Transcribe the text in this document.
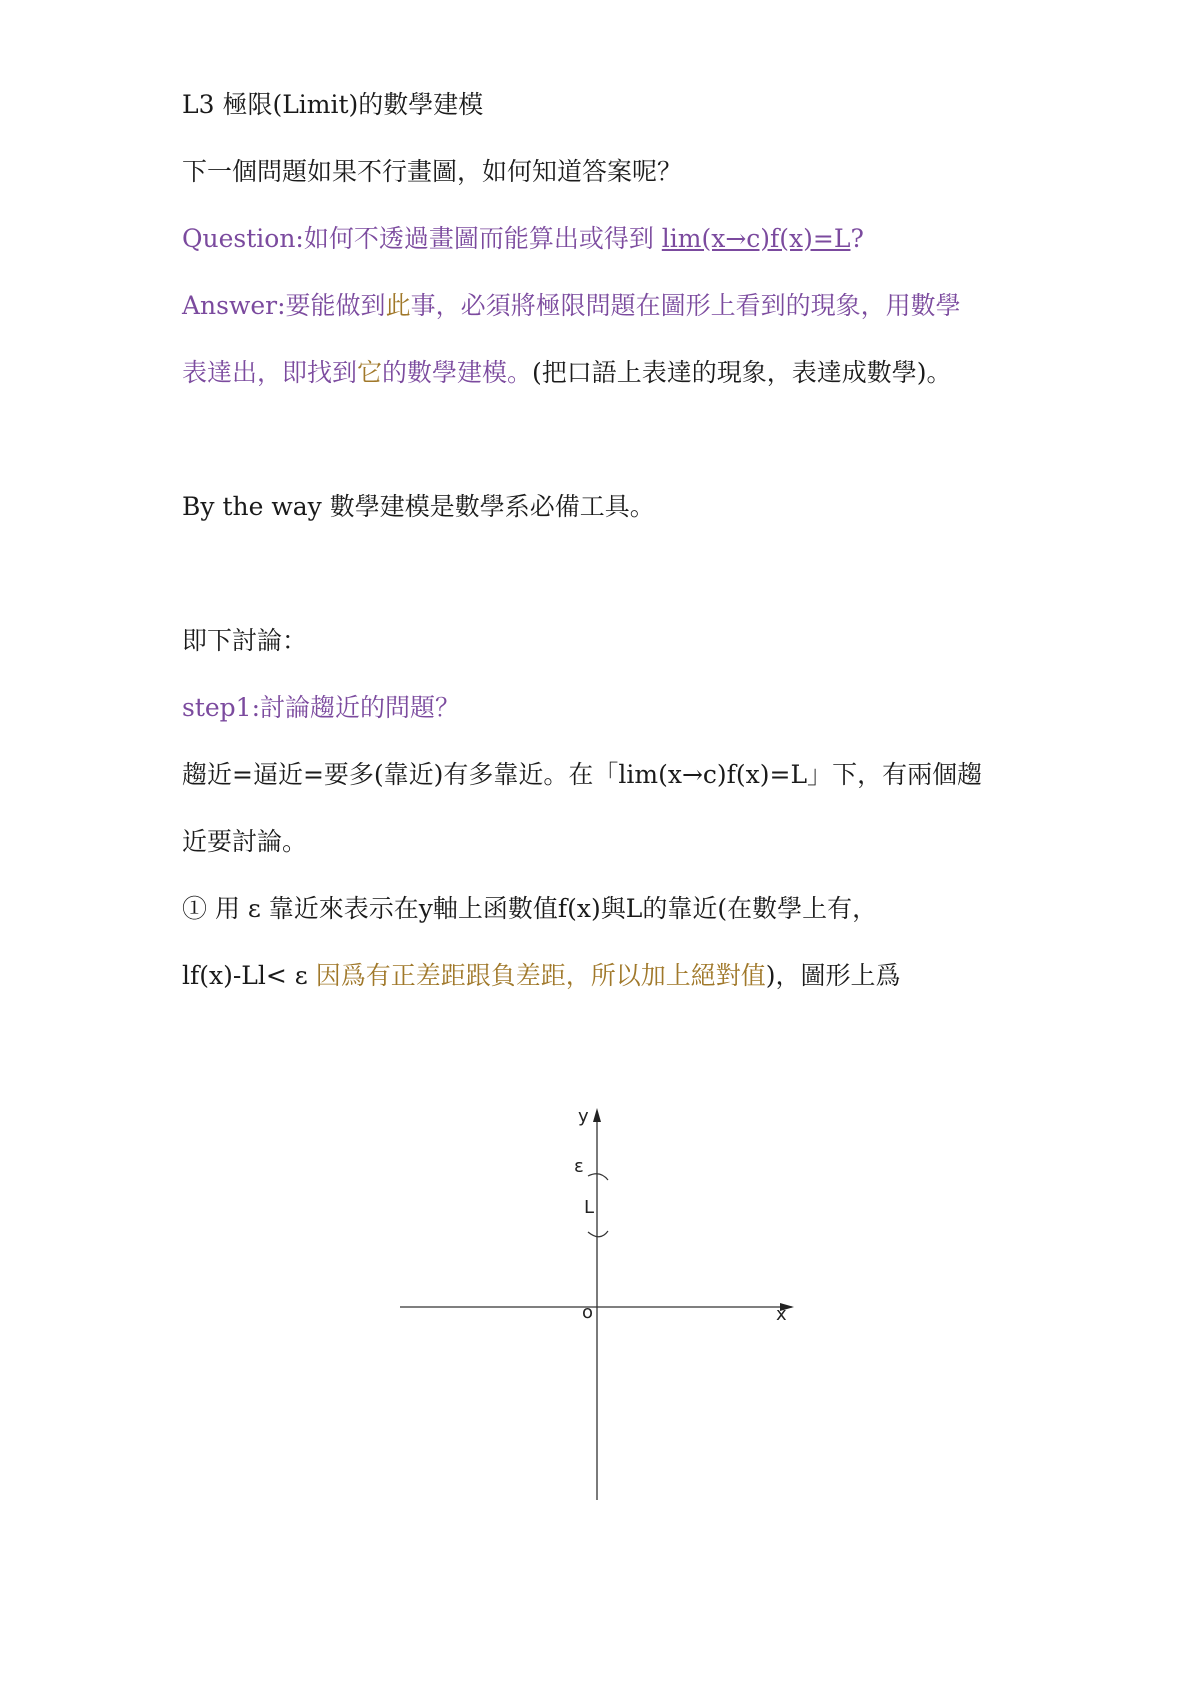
L3 極限(Limit)的數學建模
下一個問題如果不行畫圖，如何知道答案呢？
Question:如何不透過畫圖而能算出或得到 lim(x→c)f(x)=L?
Answer:要能做到此事，必須將極限問題在圖形上看到的現象，用數學
表達出，即找到它的數學建模。(把口語上表達的現象，表達成數學)。
By the way 數學建模是數學系必備工具。
即下討論：
step1:討論趨近的問題？
趨近=逼近=要多(靠近)有多靠近。在「lim(x→c)f(x)=L」下，有兩個趨
近要討論。
① 用 ε 靠近來表示在y軸上函數值f(x)與L的靠近(在數學上有，
lf(x)-Ll< ε 因爲有正差距跟負差距，所以加上絕對值)，圖形上爲
y
x
o
ε
L
